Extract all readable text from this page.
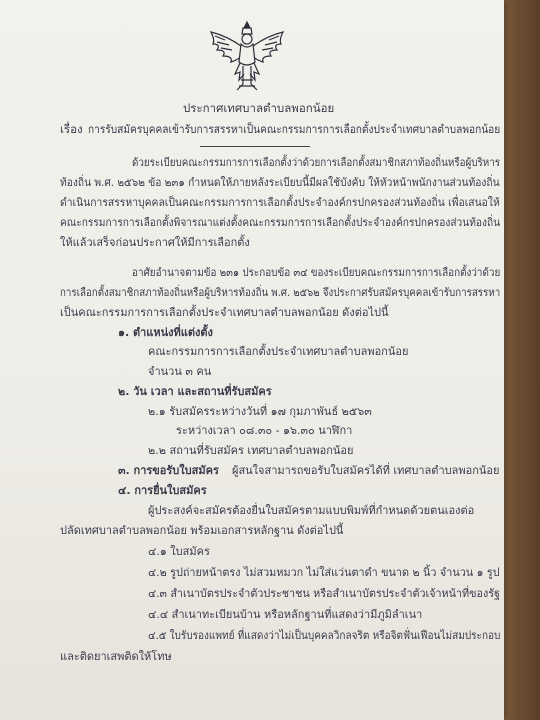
ประกาศเทศบาลตำบลพอกน้อย
เรื่อง การรับสมัครบุคคลเข้ารับการสรรหาเป็นคณะกรรมการการเลือกตั้งประจำเทศบาลตำบลพอกน้อย
ด้วยระเบียบคณะกรรมการการเลือกตั้งว่าด้วยการเลือกตั้งสมาชิกสภาท้องถิ่นหรือผู้บริหาร
ท้องถิ่น พ.ศ. ๒๕๖๒ ข้อ ๒๓๑ กำหนดให้ภายหลังระเบียบนี้มีผลใช้บังคับ ให้หัวหน้าพนักงานส่วนท้องถิ่น
ดำเนินการสรรหาบุคคลเป็นคณะกรรมการการเลือกตั้งประจำองค์กรปกครองส่วนท้องถิ่น เพื่อเสนอให้
คณะกรรมการการเลือกตั้งพิจารณาแต่งตั้งคณะกรรมการการเลือกตั้งประจำองค์กรปกครองส่วนท้องถิ่น
ให้แล้วเสร็จก่อนประกาศให้มีการเลือกตั้ง
อาศัยอำนาจตามข้อ ๒๓๑ ประกอบข้อ ๓๔ ของระเบียบคณะกรรมการการเลือกตั้งว่าด้วย
การเลือกตั้งสมาชิกสภาท้องถิ่นหรือผู้บริหารท้องถิ่น พ.ศ. ๒๕๖๒ จึงประกาศรับสมัครบุคคลเข้ารับการสรรหา
เป็นคณะกรรมการการเลือกตั้งประจำเทศบาลตำบลพอกน้อย ดังต่อไปนี้
๑. ตำแหน่งที่แต่งตั้ง
คณะกรรมการการเลือกตั้งประจำเทศบาลตำบลพอกน้อย
จำนวน ๓ คน
๒. วัน เวลา และสถานที่รับสมัคร
๒.๑ รับสมัครระหว่างวันที่ ๑๗ กุมภาพันธ์ ๒๕๖๓
ระหว่างเวลา ๐๘.๓๐ - ๑๖.๓๐ นาฬิกา
๒.๒ สถานที่รับสมัคร เทศบาลตำบลพอกน้อย
๓. การขอรับใบสมัคร ผู้สนใจสามารถขอรับใบสมัครได้ที่ เทศบาลตำบลพอกน้อย
๔. การยื่นใบสมัคร
ผู้ประสงค์จะสมัครต้องยื่นใบสมัครตามแบบพิมพ์ที่กำหนดด้วยตนเองต่อ
ปลัดเทศบาลตำบลพอกน้อย พร้อมเอกสารหลักฐาน ดังต่อไปนี้
๔.๑ ใบสมัคร
๔.๒ รูปถ่ายหน้าตรง ไม่สวมหมวก ไม่ใส่แว่นตาดำ ขนาด ๒ นิ้ว จำนวน ๑ รูป
๔.๓ สำเนาบัตรประจำตัวประชาชน หรือสำเนาบัตรประจำตัวเจ้าหน้าที่ของรัฐ
๔.๔ สำเนาทะเบียนบ้าน หรือหลักฐานที่แสดงว่ามีภูมิลำเนา
๔.๕ ใบรับรองแพทย์ ที่แสดงว่าไม่เป็นบุคคลวิกลจริต หรือจิตฟั่นเฟือนไม่สมประกอบ
และติดยาเสพติดให้โทษ
